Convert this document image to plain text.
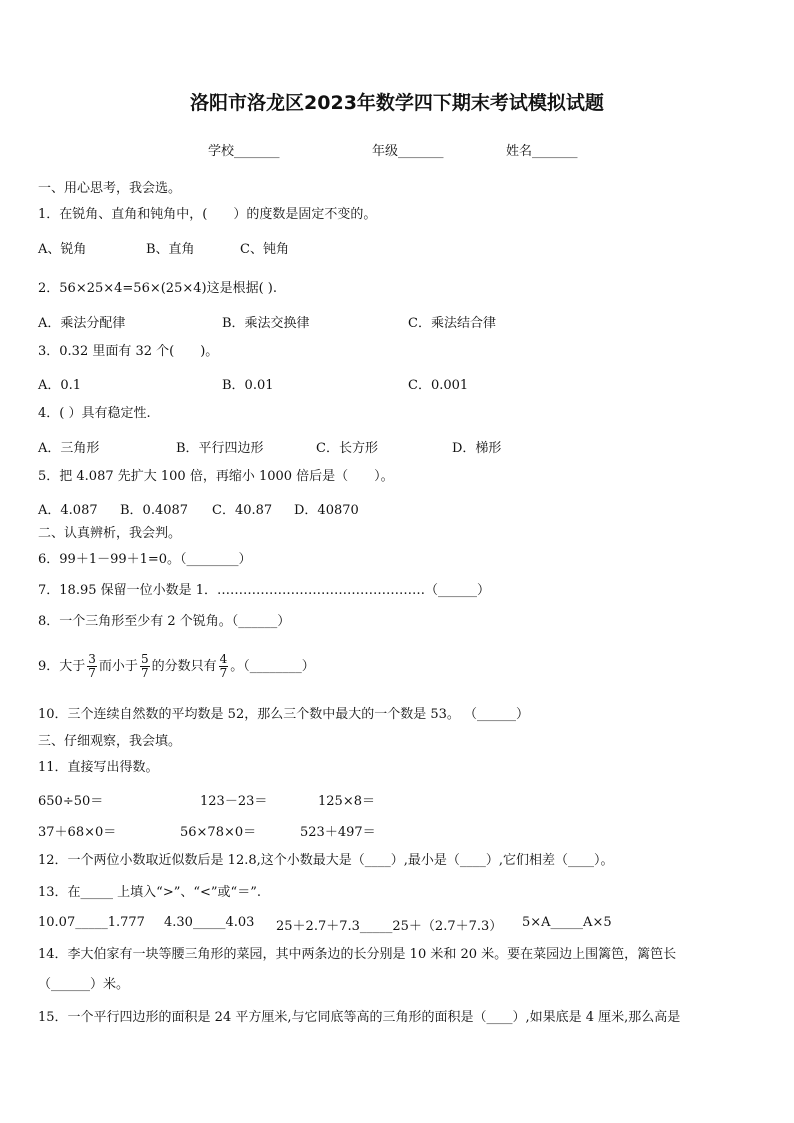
洛阳市洛龙区2023年数学四下期末考试模拟试题
学校_______	年级_______	姓名_______
一、用心思考，我会选。
1．在锐角、直角和钝角中，(　　）的度数是固定不变的。
A、锐角	B、直角	C、钝角
2．56×25×4=56×(25×4)这是根据( ).
A．乘法分配律	B．乘法交换律	C．乘法结合律
3．0.32 里面有 32 个(　　)。
A．0.1	B．0.01	C．0.001
4．( ）具有稳定性.
A．三角形	B．平行四边形	C．长方形	D．梯形
5．把 4.087 先扩大 100 倍，再缩小 1000 倍后是（　　）。
A．4.087 B．0.4087 C．40.87 D．40870
二、认真辨析，我会判。
6．99＋1－99＋1=0。（________）
7．18.95 保留一位小数是 1．…………………………………………（______）
8．一个三角形至少有 2 个锐角。（______）
9．大于 $\frac{3}{7}$ 而小于 $\frac{5}{7}$ 的分数只有 $\frac{4}{7}$ 。（________）
10．三个连续自然数的平均数是 52，那么三个数中最大的一个数是 53。 （______）
三、仔细观察，我会填。
11．直接写出得数。
650÷50＝	123－23＝	125×8＝
37＋68×0＝	56×78×0＝	523＋497＝
12．一个两位小数取近似数后是 12.8,这个小数最大是（____）,最小是（____）,它们相差（____）。
13．在_____ 上填入“>”、“<”或“＝”.
10.07_____1.777 4.30_____4.03 25＋2.7＋7.3_____25＋（2.7＋7.3） 5×A_____A×5
14．李大伯家有一块等腰三角形的菜园，其中两条边的长分别是 10 米和 20 米。要在菜园边上围篱笆，篱笆长
（______）米。
15．一个平行四边形的面积是 24 平方厘米,与它同底等高的三角形的面积是（____）,如果底是 4 厘米,那么高是
